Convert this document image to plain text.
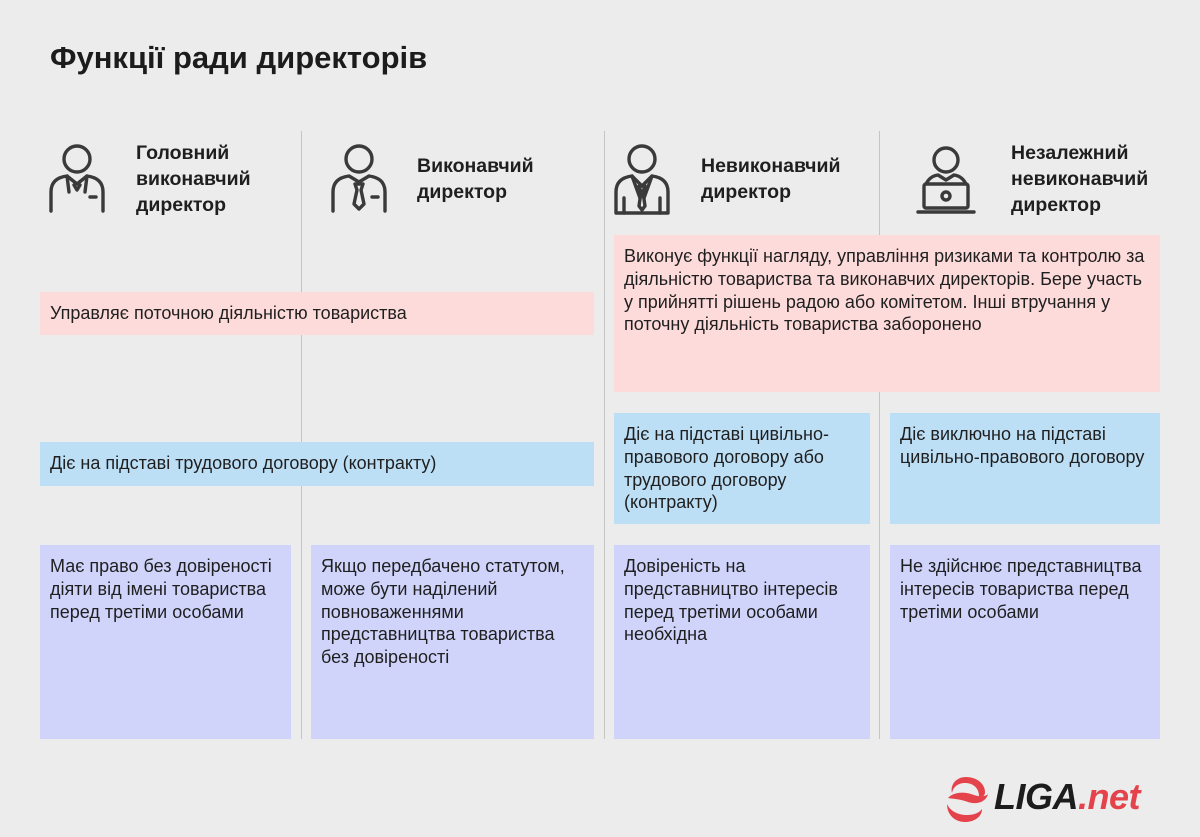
Функції ради директорів
Головний
виконавчий
директор
Виконавчий
директор
Невиконавчий
директор
Незалежний
невиконавчий
директор
Управляє поточною діяльністю товариства
Виконує функції нагляду, управління ризиками та контролю за діяльністю товариства та виконавчих директорів. Бере участь у прийнятті рішень радою або комітетом. Інші втручання у поточну діяльність товариства заборонено
Діє на підставі трудового договору (контракту)
Діє на підставі цивільно-правового договору або трудового договору (контракту)
Діє виключно на підставі цивільно-правового договору
Має право без довіреності діяти від імені товариства перед третіми особами
Якщо передбачено статутом, може бути наділений повноваженнями представництва товариства без довіреності
Довіреність на представництво інтересів перед третіми особами необхідна
Не здійснює представництва інтересів товариства перед третіми особами
LIGA.net
